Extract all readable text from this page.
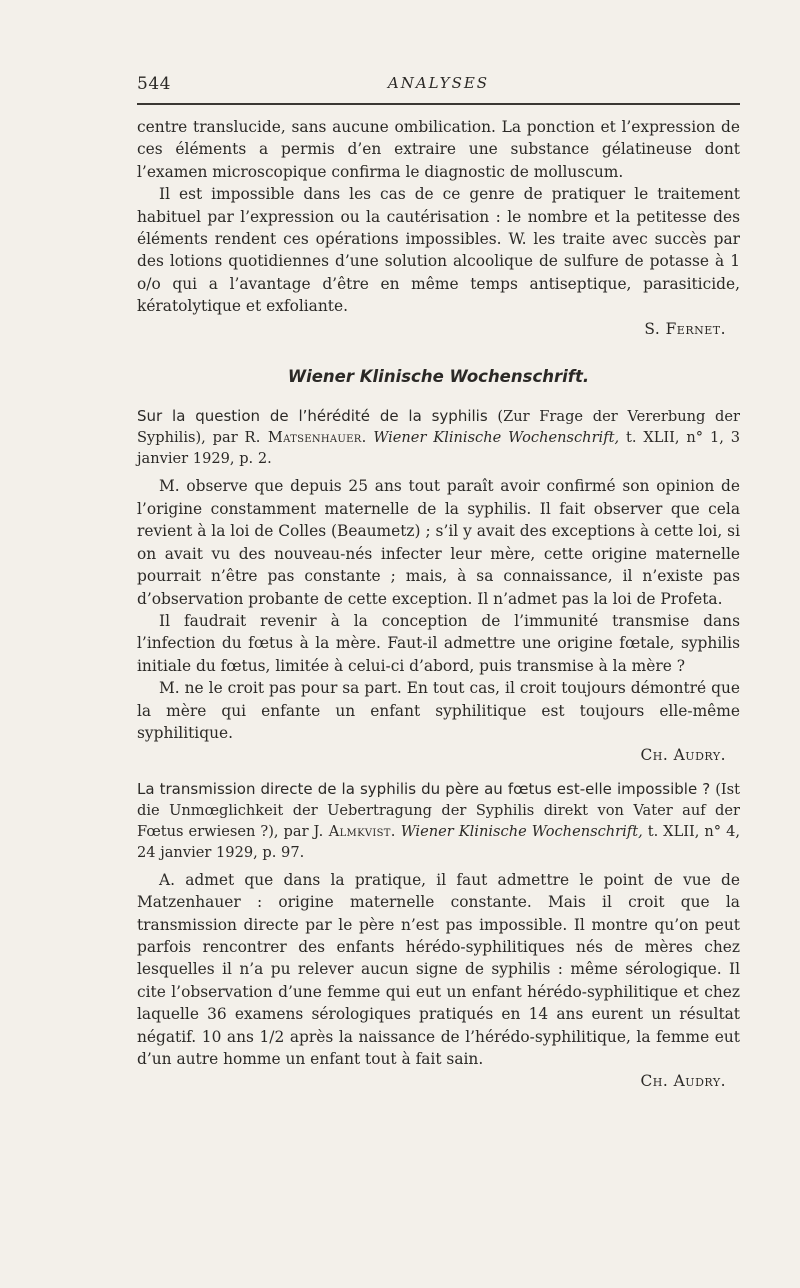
544	ANALYSES

centre translucide, sans aucune ombilication. La ponction et l’expression de ces éléments a permis d’en extraire une substance gélatineuse dont l’examen microscopique confirma le diagnostic de molluscum.

Il est impossible dans les cas de ce genre de pratiquer le traitement habituel par l’expression ou la cautérisation : le nombre et la petitesse des éléments rendent ces opérations impossibles. W. les traite avec succès par des lotions quotidiennes d’une solution alcoolique de sulfure de potasse à 1 o/o qui a l’avantage d’être en même temps antiseptique, parasiticide, kératolytique et exfoliante.

S. Fernet.

Wiener Klinische Wochenschrift.
Sur la question de l’hérédité de la syphilis (Zur Frage der Vererbung der Syphilis), par R. Matsenhauer. Wiener Klinische Wochenschrift, t. XLII, n° 1, 3 janvier 1929, p. 2.

M. observe que depuis 25 ans tout paraît avoir confirmé son opinion de l’origine constamment maternelle de la syphilis. Il fait observer que cela revient à la loi de Colles (Beaumetz) ; s’il y avait des exceptions à cette loi, si on avait vu des nouveau-nés infecter leur mère, cette origine maternelle pourrait n’être pas constante ; mais, à sa connaissance, il n’existe pas d’observation probante de cette exception. Il n’admet pas la loi de Profeta.

Il faudrait revenir à la conception de l’immunité transmise dans l’infection du fœtus à la mère. Faut-il admettre une origine fœtale, syphilis initiale du fœtus, limitée à celui-ci d’abord, puis transmise à la mère ?

M. ne le croit pas pour sa part. En tout cas, il croit toujours démontré que la mère qui enfante un enfant syphilitique est toujours elle-même syphilitique.

Ch. Audry.

La transmission directe de la syphilis du père au fœtus est-elle impossible ? (Ist die Unmœglichkeit der Uebertragung der Syphilis direkt von Vater auf der Fœtus erwiesen ?), par J. Almkvist. Wiener Klinische Wochenschrift, t. XLII, n° 4, 24 janvier 1929, p. 97.

A. admet que dans la pratique, il faut admettre le point de vue de Matzenhauer : origine maternelle constante. Mais il croit que la transmission directe par le père n’est pas impossible. Il montre qu’on peut parfois rencontrer des enfants hérédo-syphilitiques nés de mères chez lesquelles il n’a pu relever aucun signe de syphilis : même sérologique. Il cite l’observation d’une femme qui eut un enfant hérédo-syphilitique et chez laquelle 36 examens sérologiques pratiqués en 14 ans eurent un résultat négatif. 10 ans 1/2 après la naissance de l’hérédo-syphilitique, la femme eut d’un autre homme un enfant tout à fait sain.

Ch. Audry.
